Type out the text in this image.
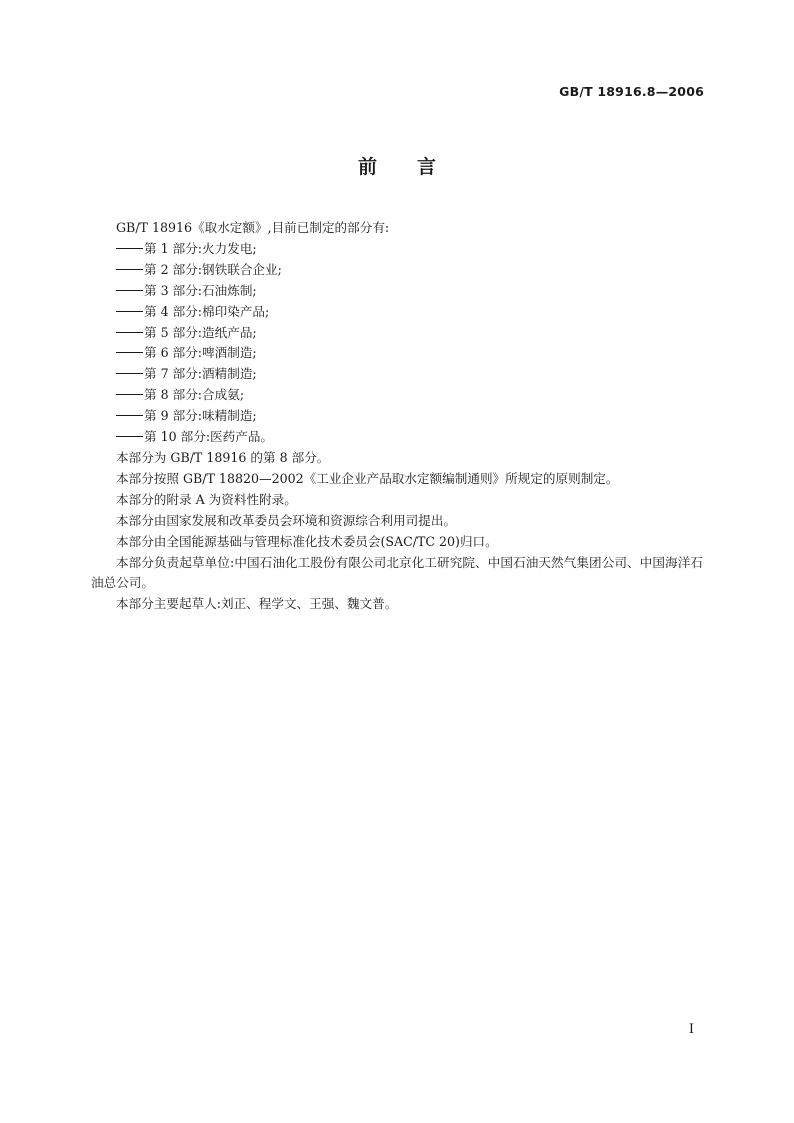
GB/T 18916.8—2006
前言

GB/T 18916《取水定额》,目前已制定的部分有:

第 1 部分:火力发电;
第 2 部分:钢铁联合企业;
第 3 部分:石油炼制;
第 4 部分:棉印染产品;
第 5 部分:造纸产品;
第 6 部分:啤酒制造;
第 7 部分:酒精制造;
第 8 部分:合成氨;
第 9 部分:味精制造;
第 10 部分:医药产品。

本部分为 GB/T 18916 的第 8 部分。

本部分按照 GB/T 18820—2002《工业企业产品取水定额编制通则》所规定的原则制定。

本部分的附录 A 为资料性附录。

本部分由国家发展和改革委员会环境和资源综合利用司提出。

本部分由全国能源基础与管理标准化技术委员会(SAC/TC 20)归口。

本部分负责起草单位:中国石油化工股份有限公司北京化工研究院、中国石油天然气集团公司、中国海洋石油总公司。

本部分主要起草人:刘正、程学文、王强、魏文普。

I
